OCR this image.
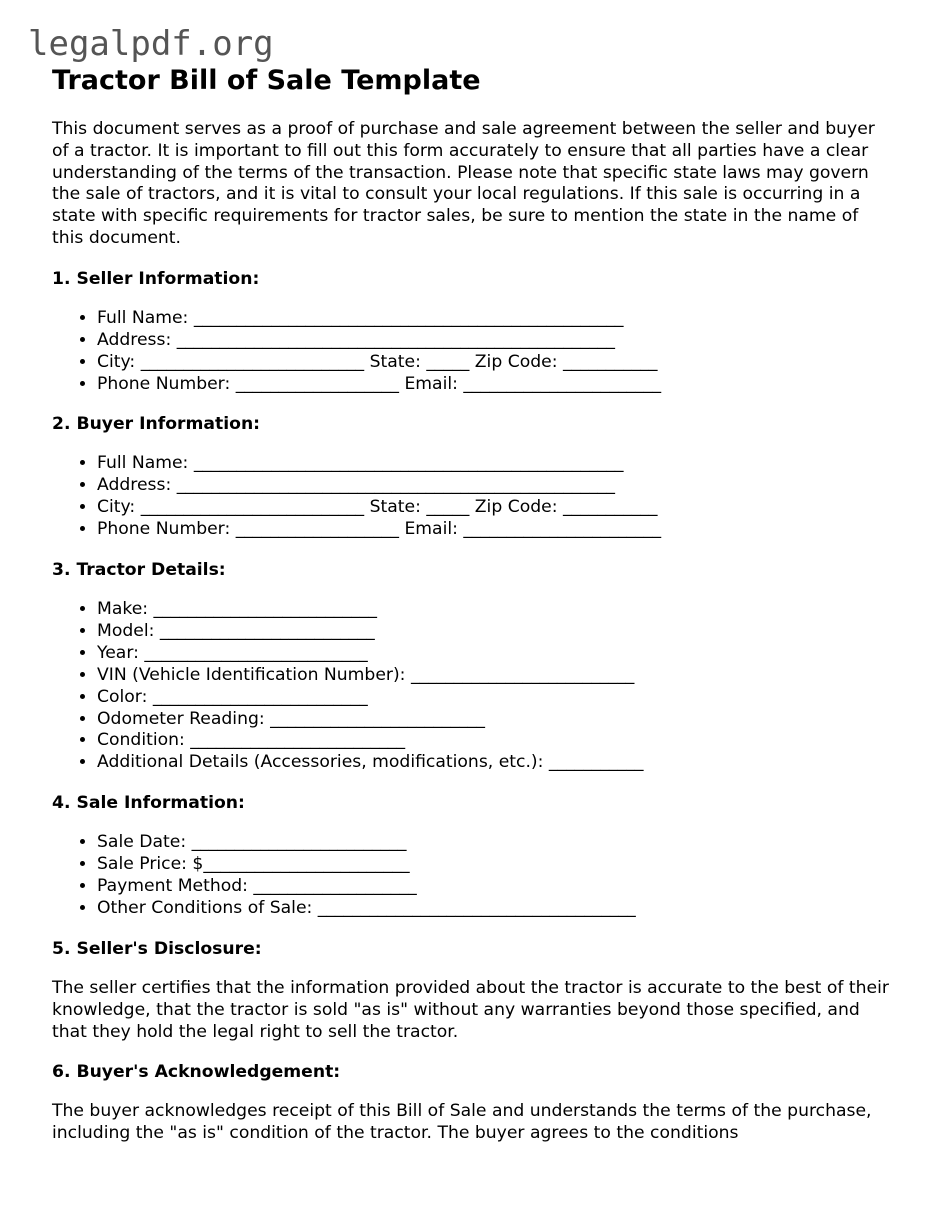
legalpdf.org
Tractor Bill of Sale Template

This document serves as a proof of purchase and sale agreement between the seller and buyer of a tractor. It is important to fill out this form accurately to ensure that all parties have a clear understanding of the terms of the transaction. Please note that specific state laws may govern the sale of tractors, and it is vital to consult your local regulations. If this sale is occurring in a state with specific requirements for tractor sales, be sure to mention the state in the name of this document.

1. Seller Information:
• Full Name: __________________________________________________
• Address: ___________________________________________________
• City: __________________________ State: _____ Zip Code: ___________
• Phone Number: ___________________ Email: _______________________
2. Buyer Information:
• Full Name: __________________________________________________
• Address: ___________________________________________________
• City: __________________________ State: _____ Zip Code: ___________
• Phone Number: ___________________ Email: _______________________
3. Tractor Details:
• Make: __________________________
• Model: _________________________
• Year: __________________________
• VIN (Vehicle Identification Number): __________________________
• Color: _________________________
• Odometer Reading: _________________________
• Condition: _________________________
• Additional Details (Accessories, modifications, etc.): ___________
4. Sale Information:
• Sale Date: _________________________
• Sale Price: $________________________
• Payment Method: ___________________
• Other Conditions of Sale: _____________________________________
5. Seller's Disclosure:

The seller certifies that the information provided about the tractor is accurate to the best of their knowledge, that the tractor is sold "as is" without any warranties beyond those specified, and that they hold the legal right to sell the tractor.

6. Buyer's Acknowledgement:

The buyer acknowledges receipt of this Bill of Sale and understands the terms of the purchase, including the "as is" condition of the tractor. The buyer agrees to the conditions
